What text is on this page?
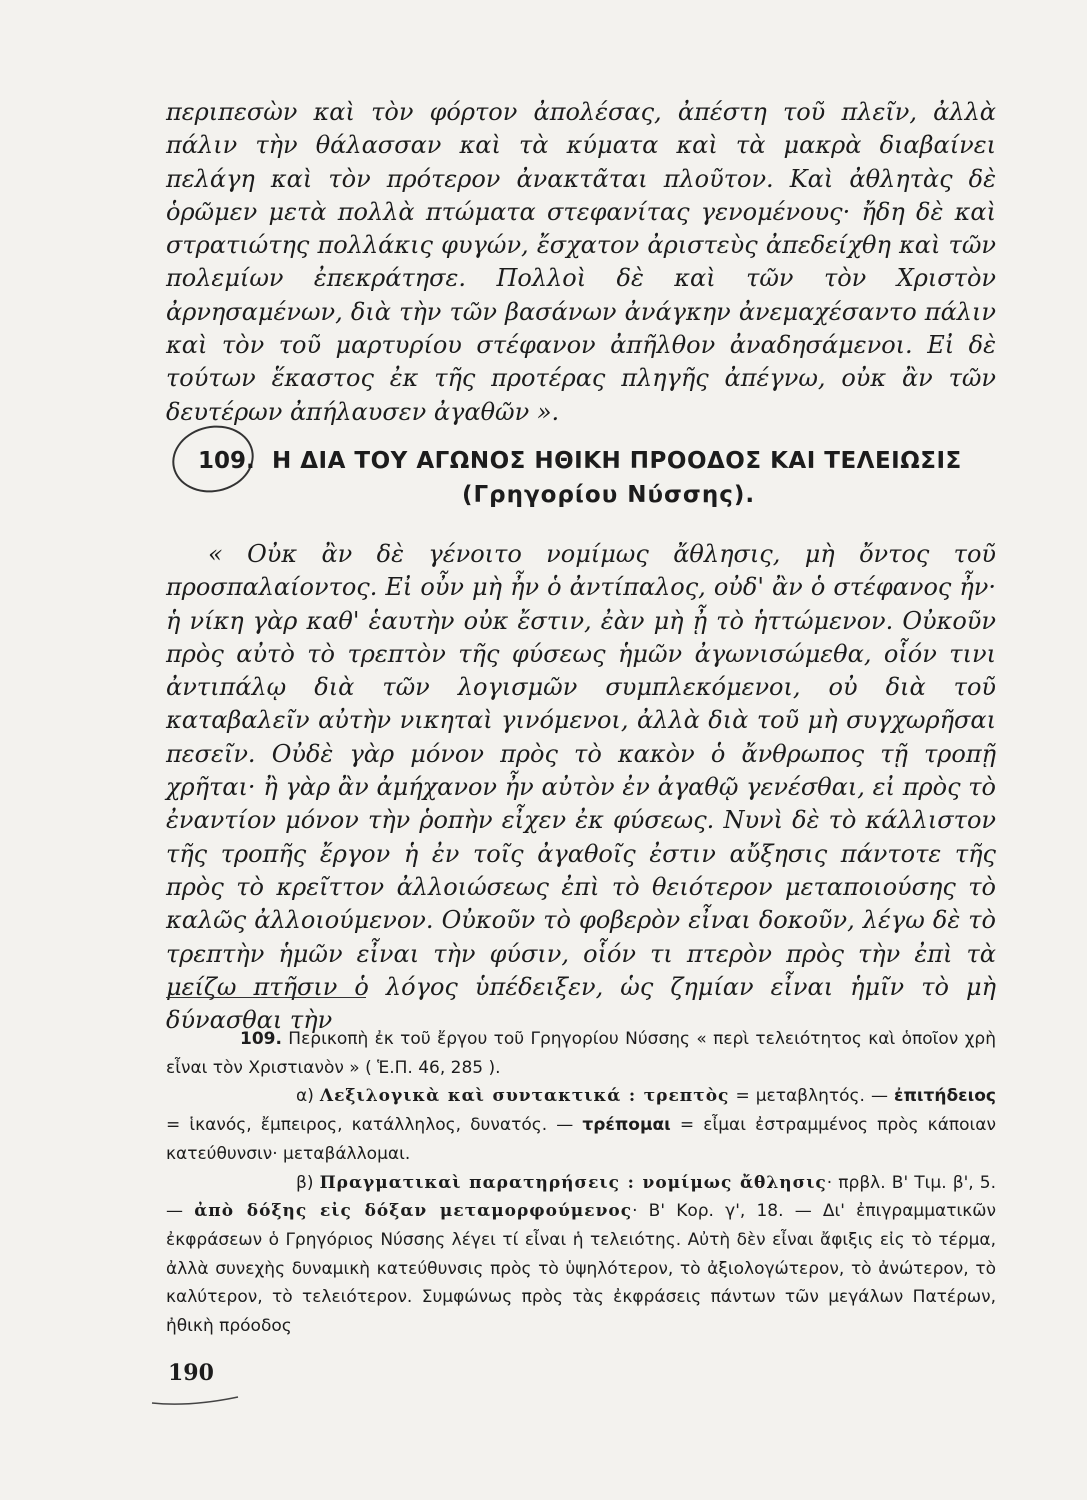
περιπεσὼν καὶ τὸν φόρτον ἀπολέσας, ἀπέστη τοῦ πλεῖν, ἀλλὰ πάλιν τὴν θάλασσαν καὶ τὰ κύματα καὶ τὰ μακρὰ διαβαίνει πελάγη καὶ τὸν πρότερον ἀνακτᾶται πλοῦτον. Καὶ ἀθλητὰς δὲ ὁρῶμεν μετὰ πολλὰ πτώματα στεφανίτας γενομένους· ἤδη δὲ καὶ στρατιώτης πολλάκις φυγών, ἔσχατον ἀριστεὺς ἀπεδείχθη καὶ τῶν πολεμίων ἐπεκράτησε. Πολλοὶ δὲ καὶ τῶν τὸν Χριστὸν ἀρνησαμένων, διὰ τὴν τῶν βασάνων ἀνάγκην ἀνεμαχέσαντο πάλιν καὶ τὸν τοῦ μαρτυρίου στέφανον ἀπῆλθον ἀναδησάμενοι. Εἰ δὲ τούτων ἕκαστος ἐκ τῆς προτέρας πληγῆς ἀπέγνω, οὐκ ἂν τῶν δευτέρων ἀπήλαυσεν ἀγαθῶν ».

109. Η ΔΙΑ ΤΟΥ ΑΓΩΝΟΣ ΗΘΙΚΗ ΠΡΟΟΔΟΣ ΚΑΙ ΤΕΛΕΙΩΣΙΣ
(Γρηγορίου Νύσσης).

« Οὐκ ἂν δὲ γένοιτο νομίμως ἄθλησις, μὴ ὄντος τοῦ προσπαλαίοντος. Εἰ οὖν μὴ ἦν ὁ ἀντίπαλος, οὐδ' ἂν ὁ στέφανος ἦν· ἡ νίκη γὰρ καθ' ἑαυτὴν οὐκ ἔστιν, ἐὰν μὴ ᾖ τὸ ἡττώμενον. Οὐκοῦν πρὸς αὐτὸ τὸ τρεπτὸν τῆς φύσεως ἡμῶν ἀγωνισώμεθα, οἷόν τινι ἀντιπάλῳ διὰ τῶν λογισμῶν συμπλεκόμενοι, οὐ διὰ τοῦ καταβαλεῖν αὐτὴν νικηταὶ γινόμενοι, ἀλλὰ διὰ τοῦ μὴ συγχωρῆσαι πεσεῖν. Οὐδὲ γὰρ μόνον πρὸς τὸ κακὸν ὁ ἄνθρωπος τῇ τροπῇ χρῆται· ἢ γὰρ ἂν ἀμήχανον ἦν αὐτὸν ἐν ἀγαθῷ γενέσθαι, εἰ πρὸς τὸ ἐναντίον μόνον τὴν ῥοπὴν εἶχεν ἐκ φύσεως. Νυνὶ δὲ τὸ κάλλιστον τῆς τροπῆς ἔργον ἡ ἐν τοῖς ἀγαθοῖς ἐστιν αὔξησις πάντοτε τῆς πρὸς τὸ κρεῖττον ἀλλοιώσεως ἐπὶ τὸ θειότερον μεταποιούσης τὸ καλῶς ἀλλοιούμενον. Οὐκοῦν τὸ φοβερὸν εἶναι δοκοῦν, λέγω δὲ τὸ τρεπτὴν ἡμῶν εἶναι τὴν φύσιν, οἷόν τι πτερὸν πρὸς τὴν ἐπὶ τὰ μείζω πτῆσιν ὁ λόγος ὑπέδειξεν, ὡς ζημίαν εἶναι ἡμῖν τὸ μὴ δύνασθαι τὴν

109. Περικοπὴ ἐκ τοῦ ἔργου τοῦ Γρηγορίου Νύσσης « περὶ τελειότητος καὶ ὁποῖον χρὴ εἶναι τὸν Χριστιανὸν » ( Ἑ.Π. 46, 285 ).

α) Λεξιλογικὰ καὶ συντακτικά : τρεπτὸς = μεταβλητός. — ἐπιτήδειος = ἱκανός, ἔμπειρος, κατάλληλος, δυνατός. — τρέπομαι = εἶμαι ἐστραμμένος πρὸς κάποιαν κατεύθυνσιν· μεταβάλλομαι.

β) Πραγματικαὶ παρατηρήσεις : νομίμως ἄθλησις· πρβλ. Β' Τιμ. β', 5. — ἀπὸ δόξης εἰς δόξαν μεταμορφούμενος· Β' Κορ. γ', 18. — Δι' ἐπιγραμματικῶν ἐκφράσεων ὁ Γρηγόριος Νύσσης λέγει τί εἶναι ἡ τελειότης. Αὐτὴ δὲν εἶναι ἄφιξις εἰς τὸ τέρμα, ἀλλὰ συνεχὴς δυναμικὴ κατεύθυνσις πρὸς τὸ ὑψηλότερον, τὸ ἀξιολογώτερον, τὸ ἀνώτερον, τὸ καλύτερον, τὸ τελειότερον. Συμφώνως πρὸς τὰς ἐκφράσεις πάντων τῶν μεγάλων Πατέρων, ἠθικὴ πρόοδος

190
